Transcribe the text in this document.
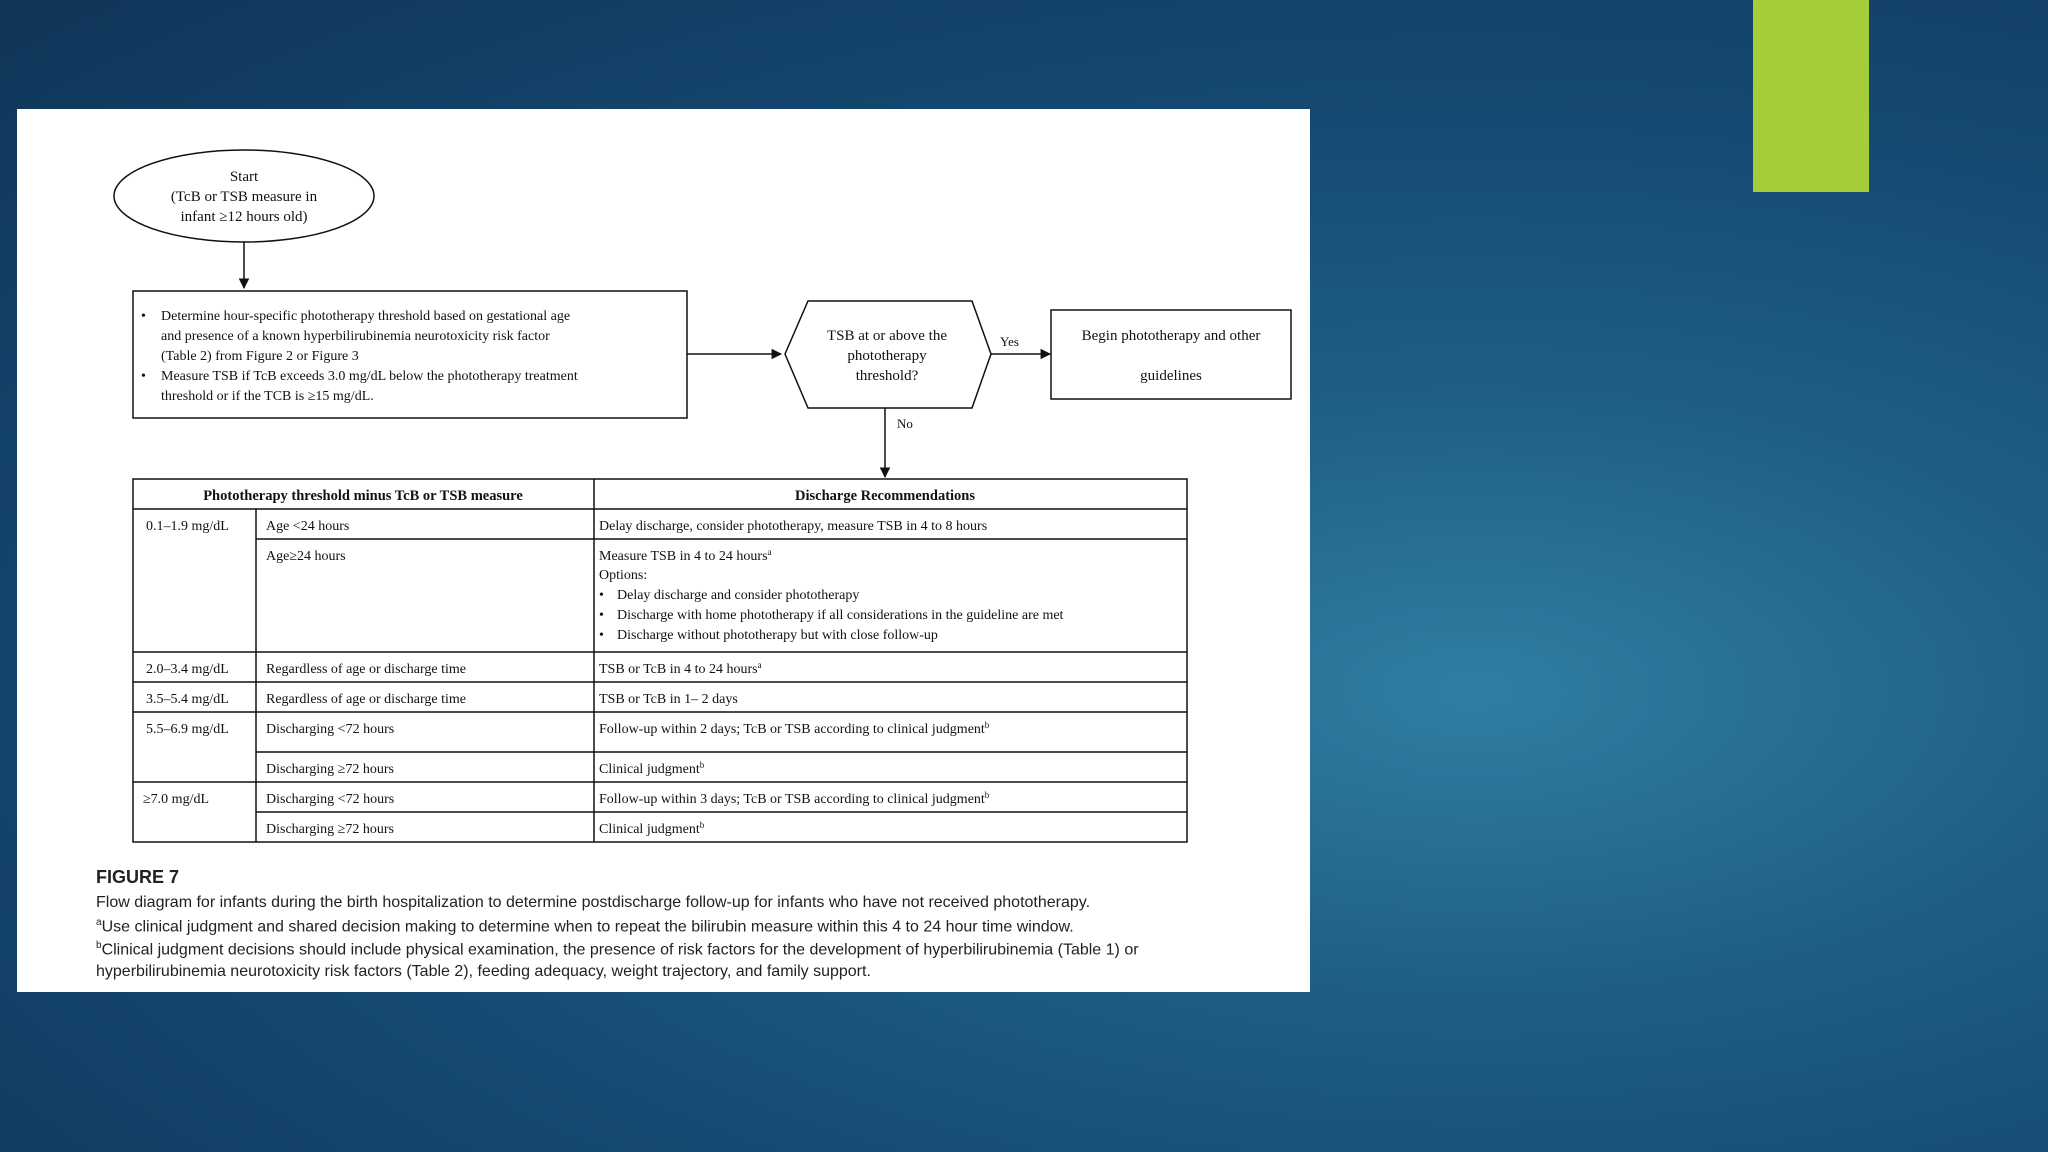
Start
(TcB or TSB measure in
infant ≥12 hours old)
• Determine hour-specific phototherapy threshold based on gestational age
and presence of a known hyperbilirubinemia neurotoxicity risk factor
(Table 2) from Figure 2 or Figure 3
• Measure TSB if TcB exceeds 3.0 mg/dL below the phototherapy treatment
threshold or if the TCB is ≥15 mg/dL.
TSB at or above the
phototherapy
threshold?
Yes	Begin phototherapy and other
guidelines
No
Phototherapy threshold minus TcB or TSB measure	Discharge Recommendations
0.1–1.9 mg/dL	Age <24 hours	Delay discharge, consider phototherapy, measure TSB in 4 to 8 hours
Age≥24 hours	Measure TSB in 4 to 24 hours$^a$
Options:
• Delay discharge and consider phototherapy
• Discharge with home phototherapy if all considerations in the guideline are met
• Discharge without phototherapy but with close follow-up
2.0–3.4 mg/dL	Regardless of age or discharge time	TSB or TcB in 4 to 24 hours$^a$
3.5–5.4 mg/dL	Regardless of age or discharge time	TSB or TcB in 1– 2 days
5.5–6.9 mg/dL	Discharging <72 hours	Follow-up within 2 days; TcB or TSB according to clinical judgment$^b$
Discharging ≥72 hours	Clinical judgment$^b$
≥7.0 mg/dL	Discharging <72 hours	Follow-up within 3 days; TcB or TSB according to clinical judgment$^b$
Discharging ≥72 hours	Clinical judgment$^b$
FIGURE 7
Flow diagram for infants during the birth hospitalization to determine postdischarge follow-up for infants who have not received phototherapy.
$^a$Use clinical judgment and shared decision making to determine when to repeat the bilirubin measure within this 4 to 24 hour time window.
$^b$Clinical judgment decisions should include physical examination, the presence of risk factors for the development of hyperbilirubinemia (Table 1) or
hyperbilirubinemia neurotoxicity risk factors (Table 2), feeding adequacy, weight trajectory, and family support.
